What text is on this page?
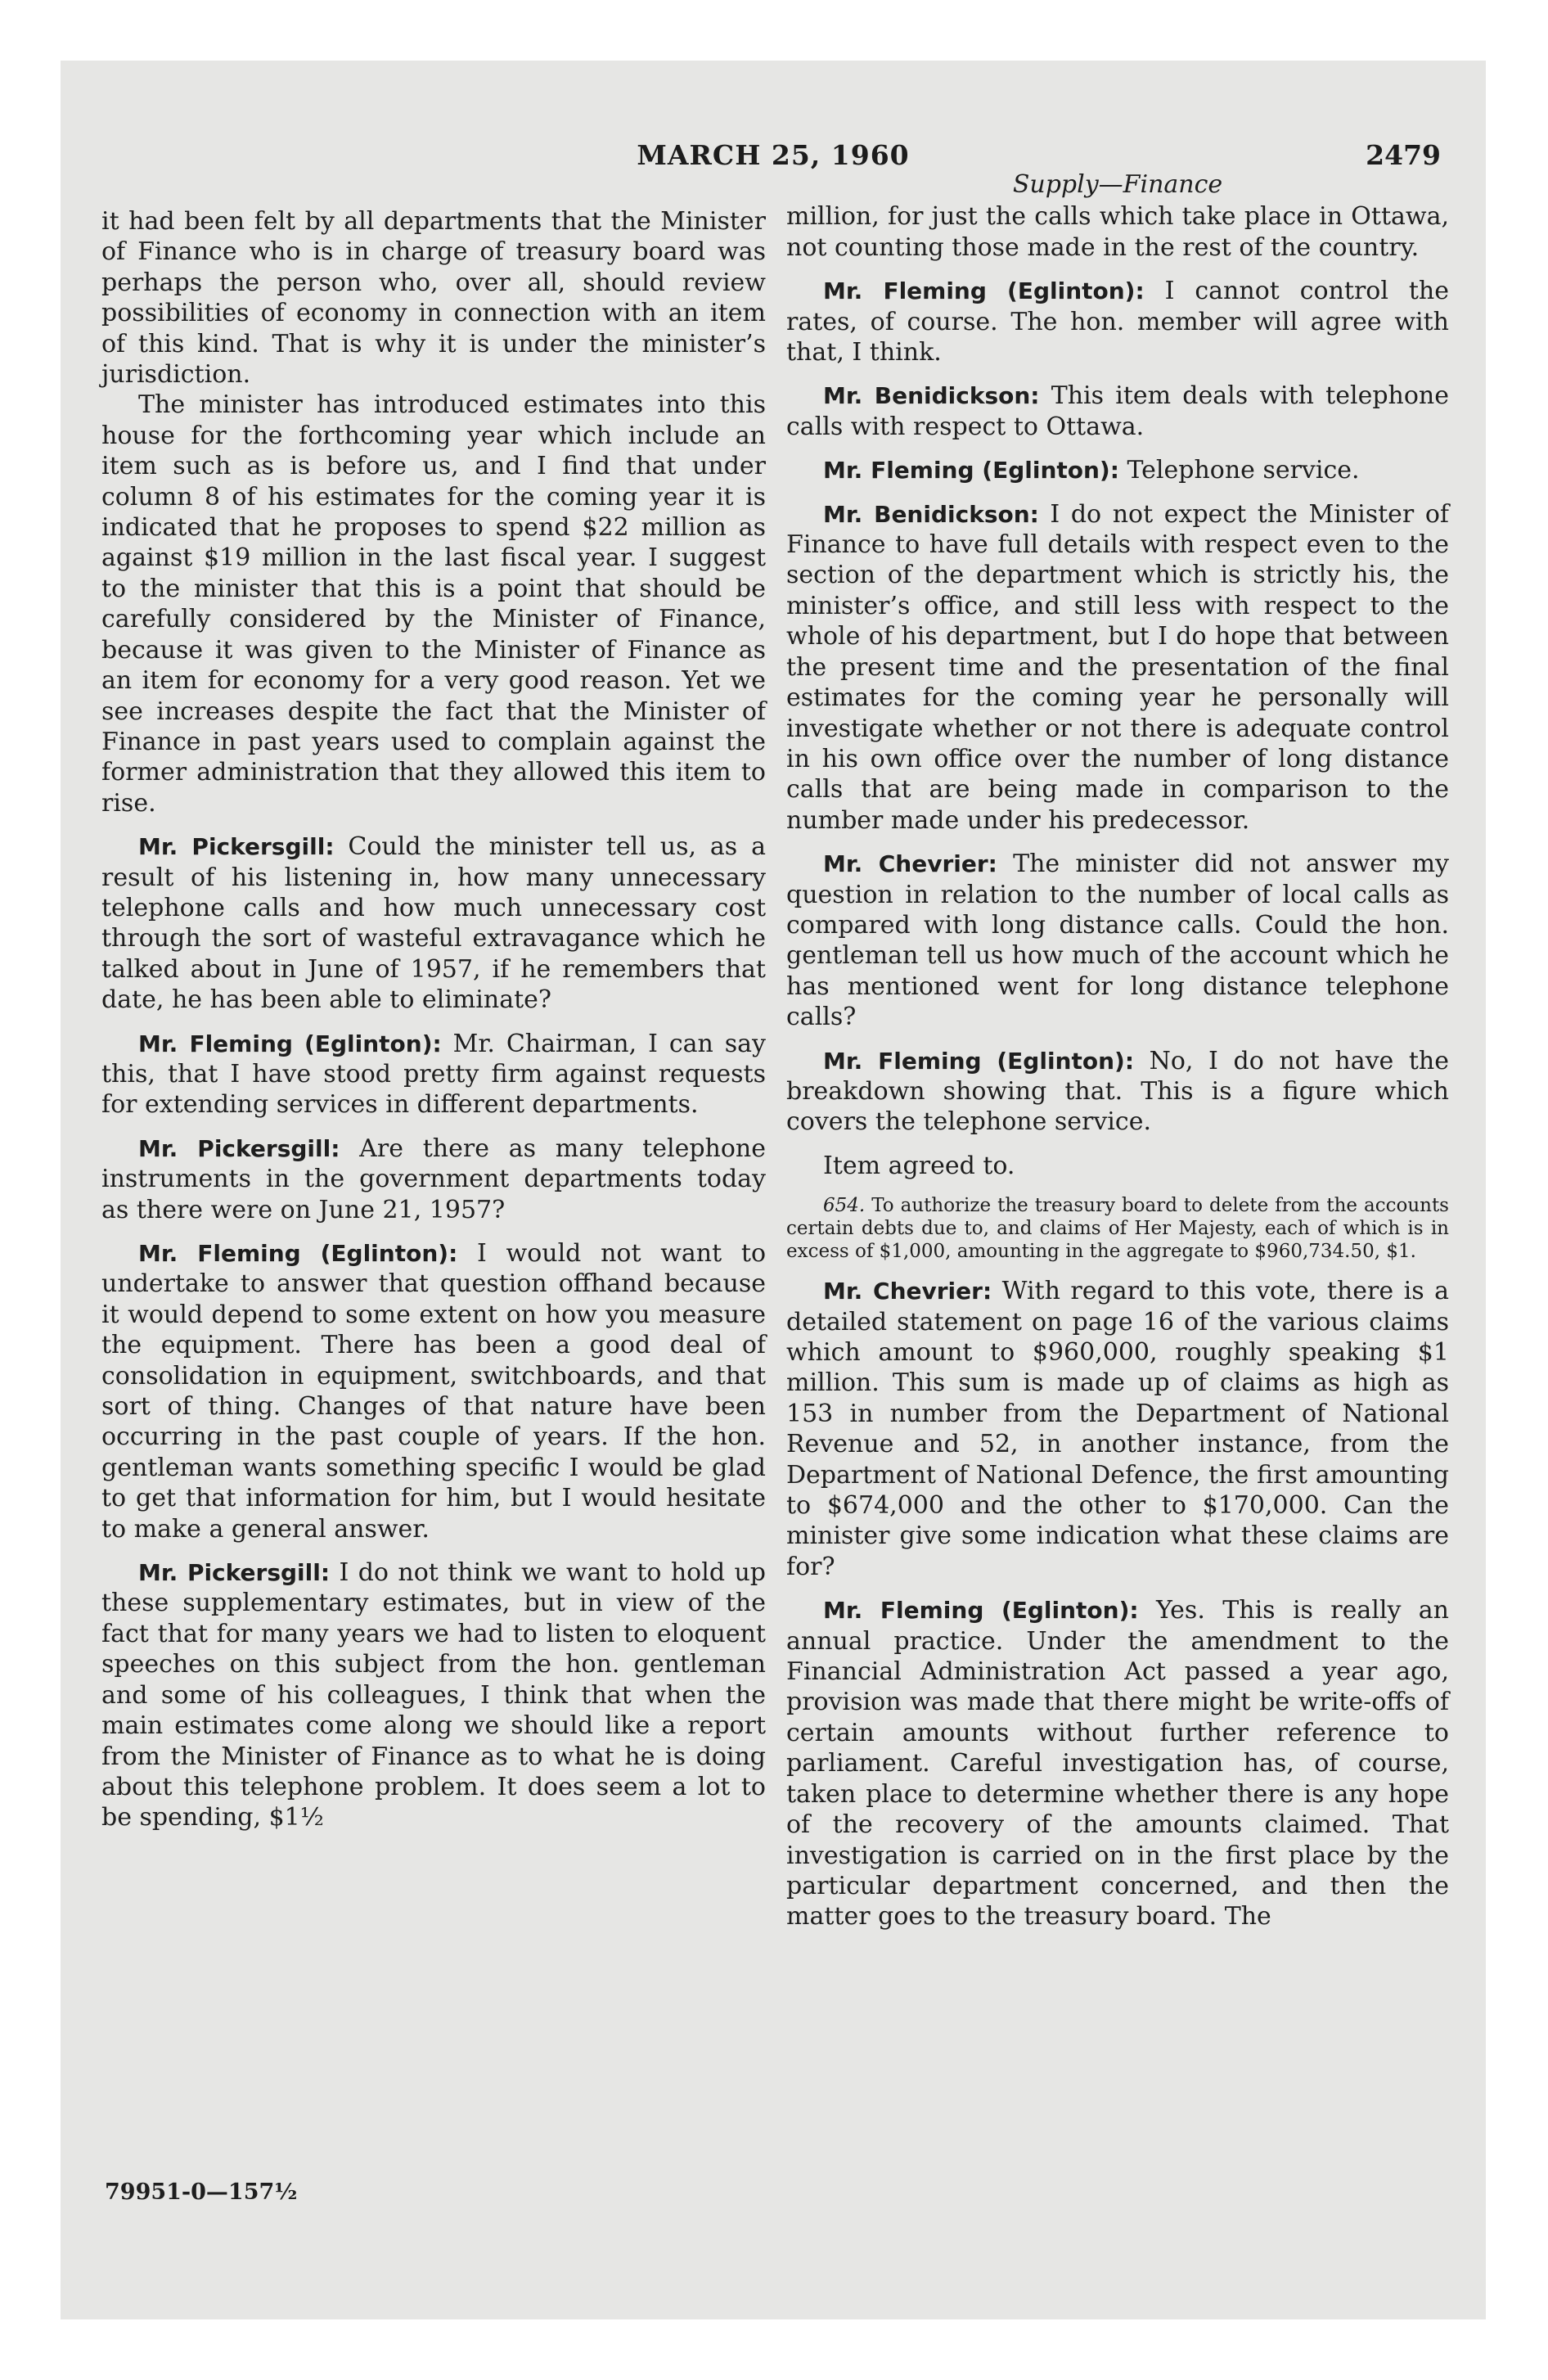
MARCH 25, 1960	2479

it had been felt by all departments that the Minister of Finance who is in charge of treasury board was perhaps the person who, over all, should review possibilities of economy in connection with an item of this kind. That is why it is under the minister’s jurisdiction.

The minister has introduced estimates into this house for the forthcoming year which include an item such as is before us, and I find that under column 8 of his estimates for the coming year it is indicated that he proposes to spend $22 million as against $19 million in the last fiscal year. I suggest to the minister that this is a point that should be carefully considered by the Minister of Finance, because it was given to the Minister of Finance as an item for economy for a very good reason. Yet we see increases despite the fact that the Minister of Finance in past years used to complain against the former administration that they allowed this item to rise.

Mr. Pickersgill: Could the minister tell us, as a result of his listening in, how many unnecessary telephone calls and how much unnecessary cost through the sort of wasteful extravagance which he talked about in June of 1957, if he remembers that date, he has been able to eliminate?

Mr. Fleming (Eglinton): Mr. Chairman, I can say this, that I have stood pretty firm against requests for extending services in different departments.

Mr. Pickersgill: Are there as many telephone instruments in the government departments today as there were on June 21, 1957?

Mr. Fleming (Eglinton): I would not want to undertake to answer that question offhand because it would depend to some extent on how you measure the equipment. There has been a good deal of consolidation in equipment, switchboards, and that sort of thing. Changes of that nature have been occurring in the past couple of years. If the hon. gentleman wants something specific I would be glad to get that information for him, but I would hesitate to make a general answer.

Mr. Pickersgill: I do not think we want to hold up these supplementary estimates, but in view of the fact that for many years we had to listen to eloquent speeches on this subject from the hon. gentleman and some of his colleagues, I think that when the main estimates come along we should like a report from the Minister of Finance as to what he is doing about this telephone problem. It does seem a lot to be spending, $1½

Supply—Finance

million, for just the calls which take place in Ottawa, not counting those made in the rest of the country.

Mr. Fleming (Eglinton): I cannot control the rates, of course. The hon. member will agree with that, I think.

Mr. Benidickson: This item deals with telephone calls with respect to Ottawa.

Mr. Fleming (Eglinton): Telephone service.

Mr. Benidickson: I do not expect the Minister of Finance to have full details with respect even to the section of the department which is strictly his, the minister’s office, and still less with respect to the whole of his department, but I do hope that between the present time and the presentation of the final estimates for the coming year he personally will investigate whether or not there is adequate control in his own office over the number of long distance calls that are being made in comparison to the number made under his predecessor.

Mr. Chevrier: The minister did not answer my question in relation to the number of local calls as compared with long distance calls. Could the hon. gentleman tell us how much of the account which he has mentioned went for long distance telephone calls?

Mr. Fleming (Eglinton): No, I do not have the breakdown showing that. This is a figure which covers the telephone service.

Item agreed to.

654. To authorize the treasury board to delete from the accounts certain debts due to, and claims of Her Majesty, each of which is in excess of $1,000, amounting in the aggregate to $960,734.50, $1.

Mr. Chevrier: With regard to this vote, there is a detailed statement on page 16 of the various claims which amount to $960,000, roughly speaking $1 million. This sum is made up of claims as high as 153 in number from the Department of National Revenue and 52, in another instance, from the Department of National Defence, the first amounting to $674,000 and the other to $170,000. Can the minister give some indication what these claims are for?

Mr. Fleming (Eglinton): Yes. This is really an annual practice. Under the amendment to the Financial Administration Act passed a year ago, provision was made that there might be write-offs of certain amounts without further reference to parliament. Careful investigation has, of course, taken place to determine whether there is any hope of the recovery of the amounts claimed. That investigation is carried on in the first place by the particular department concerned, and then the matter goes to the treasury board. The

79951-0—157½
